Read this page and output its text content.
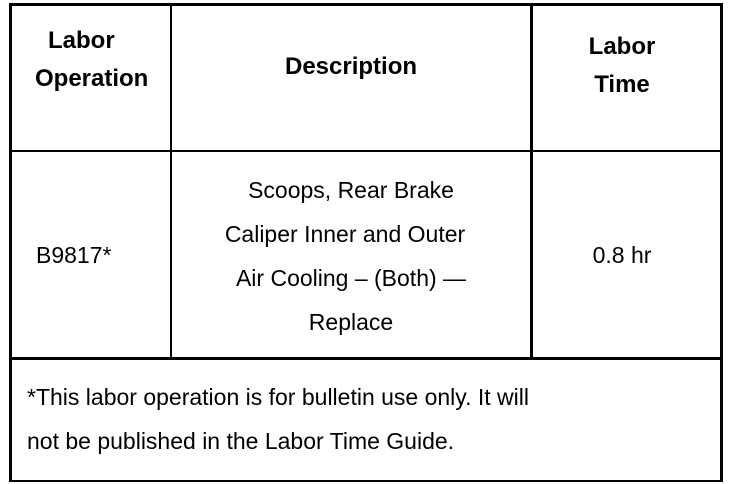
Labor
Operation	Description
Labor
Time
B9817*
Scoops, Rear Brake
Caliper Inner and Outer
Air Cooling – (Both) —
Replace
0.8 hr
*This labor operation is for bulletin use only. It will
not be published in the Labor Time Guide.
